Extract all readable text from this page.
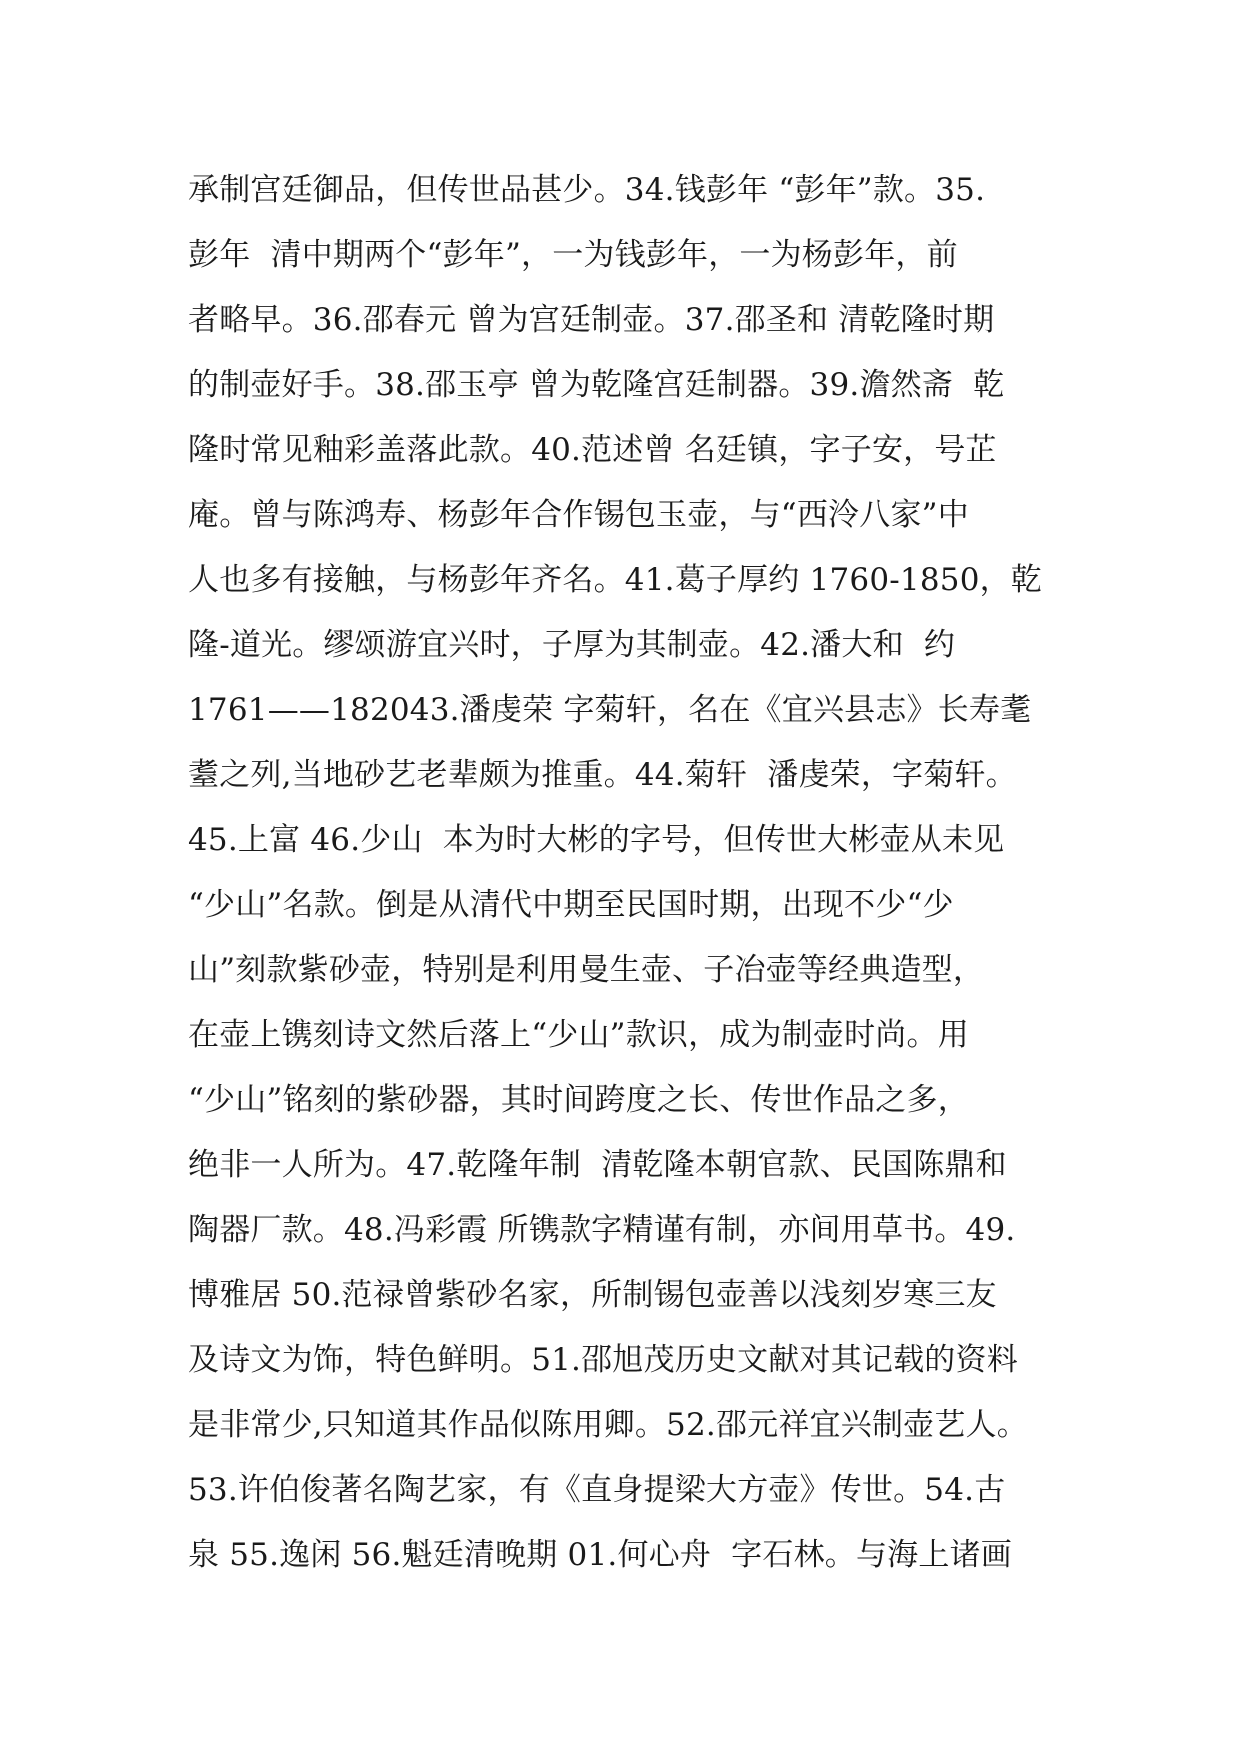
承制宫廷御品，但传世品甚少。34.钱彭年 “彭年”款。35.
彭年  清中期两个“彭年”，一为钱彭年，一为杨彭年，前
者略早。36.邵春元 曾为宫廷制壶。37.邵圣和 清乾隆时期
的制壶好手。38.邵玉亭 曾为乾隆宫廷制器。39.澹然斋  乾
隆时常见釉彩盖落此款。40.范述曾 名廷镇，字子安，号芷
庵。曾与陈鸿寿、杨彭年合作锡包玉壶，与“西泠八家”中
人也多有接触，与杨彭年齐名。41.葛子厚约 1760-1850，乾
隆-道光。缪颂游宜兴时，子厚为其制壶。42.潘大和  约
1761——182043.潘虔荣 字菊轩，名在《宜兴县志》长寿耄
耋之列,当地砂艺老辈颇为推重。44.菊轩  潘虔荣，字菊轩。
45.上富 46.少山  本为时大彬的字号，但传世大彬壶从未见
“少山”名款。倒是从清代中期至民国时期，出现不少“少
山”刻款紫砂壶，特别是利用曼生壶、子冶壶等经典造型，
在壶上镌刻诗文然后落上“少山”款识，成为制壶时尚。用
“少山”铭刻的紫砂器，其时间跨度之长、传世作品之多，
绝非一人所为。47.乾隆年制  清乾隆本朝官款、民国陈鼎和
陶器厂款。48.冯彩霞 所镌款字精谨有制，亦间用草书。49.
博雅居 50.范禄曾紫砂名家，所制锡包壶善以浅刻岁寒三友
及诗文为饰，特色鲜明。51.邵旭茂历史文献对其记载的资料
是非常少,只知道其作品似陈用卿。52.邵元祥宜兴制壶艺人。
53.许伯俊著名陶艺家，有《直身提梁大方壶》传世。54.古
泉 55.逸闲 56.魁廷清晚期 01.何心舟  字石林。与海上诸画
